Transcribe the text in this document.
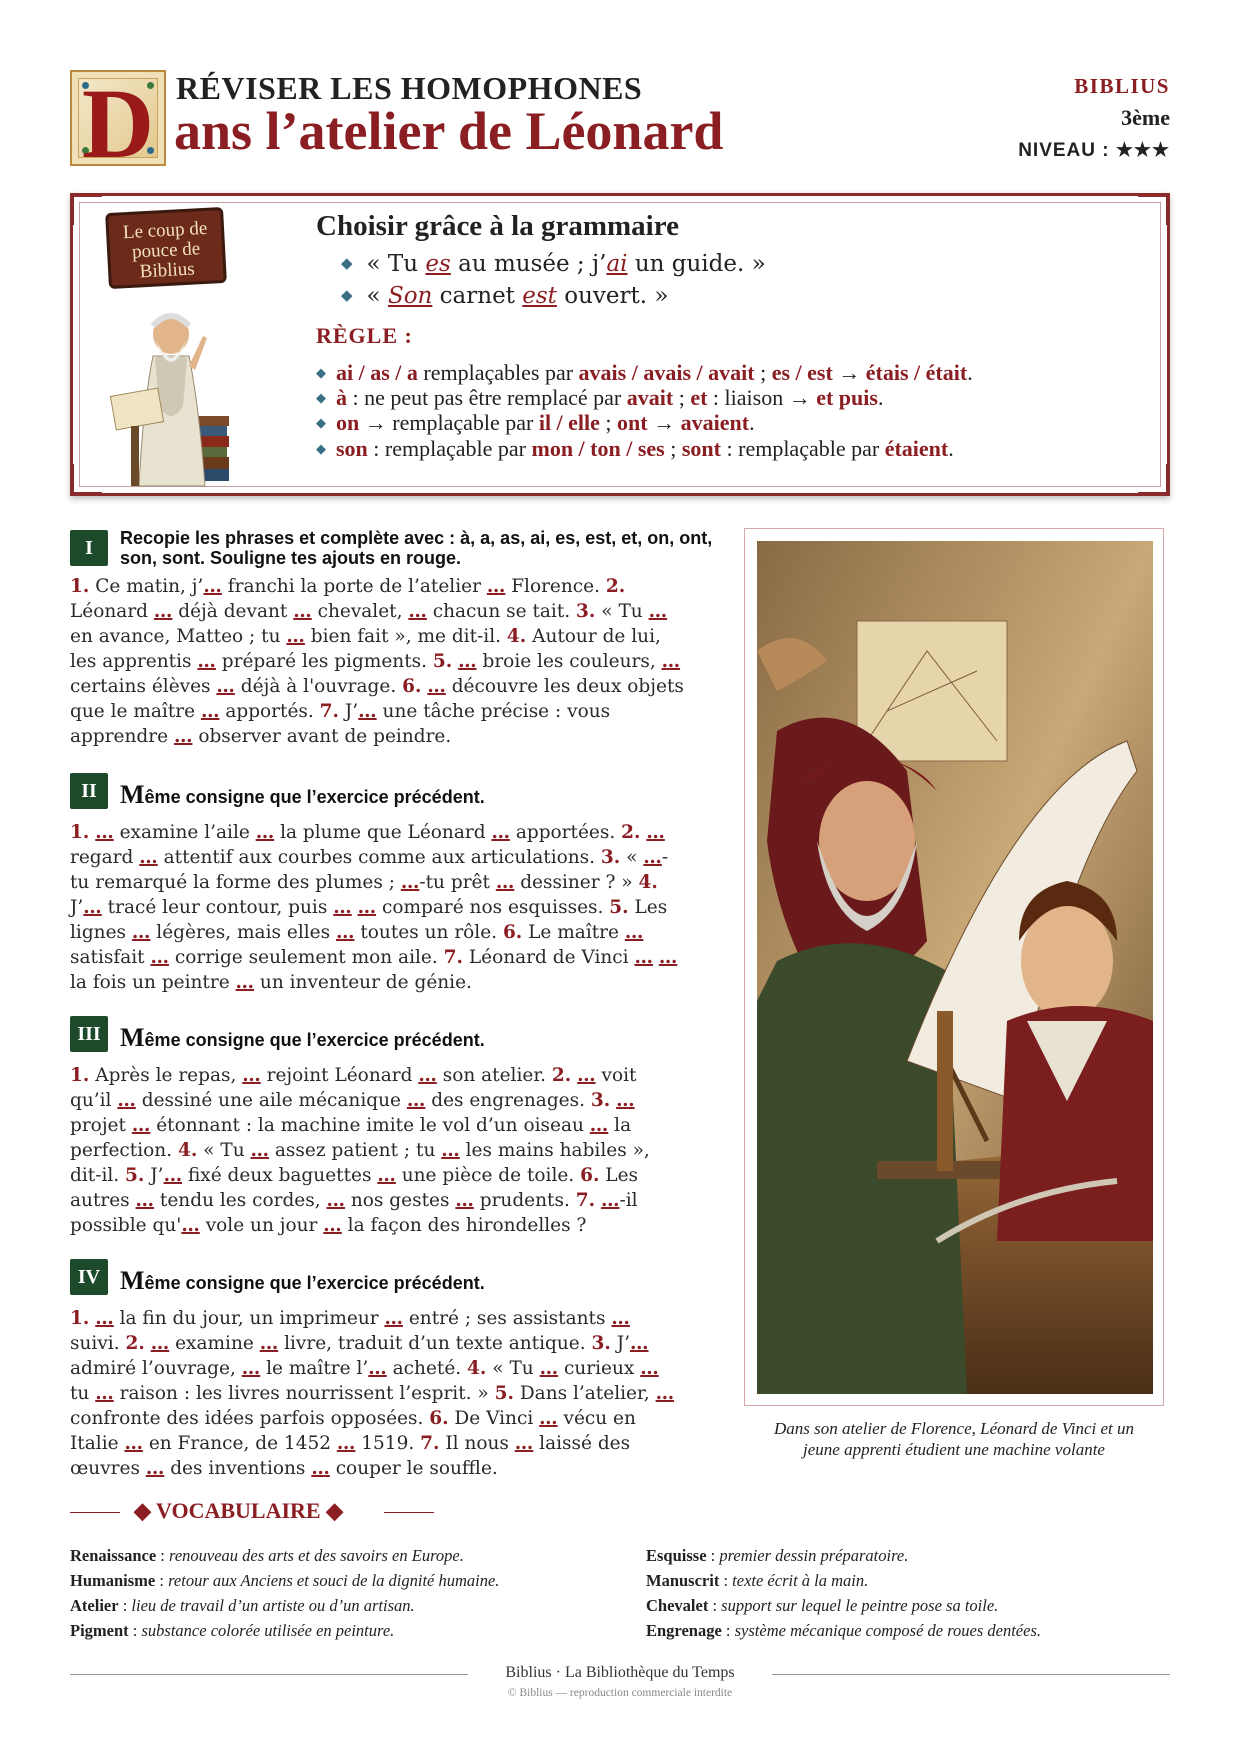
D RÉVISER LES HOMOPHONES
ans l’atelier de Léonard
BIBLIUS
3ème
NIVEAU : ★★★
Le coup de
pouce de
Biblius
Choisir grâce à la grammaire
◆ « Tu es au musée ; j’ai un guide. »
◆ « Son carnet est ouvert. »
RÈGLE :
◆ ai / as / a remplaçables par avais / avais / avait ; es / est → étais / était.
◆ à : ne peut pas être remplacé par avait ; et : liaison → et puis.
◆ on → remplaçable par il / elle ; ont → avaient.
◆ son : remplaçable par mon / ton / ses ; sont : remplaçable par étaient.
I	Recopie les phrases et complète avec : à, a, as, ai, es, est, et, on, ont, son, sont. Souligne tes ajouts en rouge.
1. Ce matin, j’… franchi la porte de l’atelier … Florence. 2.
Léonard … déjà devant … chevalet, … chacun se tait. 3. « Tu …
en avance, Matteo ; tu … bien fait », me dit-il. 4. Autour de lui,
les apprentis … préparé les pigments. 5. … broie les couleurs, …
certains élèves … déjà à l'ouvrage. 6. … découvre les deux objets
que le maître … apportés. 7. J’… une tâche précise : vous
apprendre … observer avant de peindre.
II Même consigne que l’exercice précédent.
1. … examine l’aile … la plume que Léonard … apportées. 2. …
regard … attentif aux courbes comme aux articulations. 3. « …-
tu remarqué la forme des plumes ; …-tu prêt … dessiner ? » 4.
J’… tracé leur contour, puis … … comparé nos esquisses. 5. Les
lignes … légères, mais elles … toutes un rôle. 6. Le maître …
satisfait … corrige seulement mon aile. 7. Léonard de Vinci … …
la fois un peintre … un inventeur de génie.
III Même consigne que l’exercice précédent.
1. Après le repas, … rejoint Léonard … son atelier. 2. … voit
qu’il … dessiné une aile mécanique … des engrenages. 3. …
projet … étonnant : la machine imite le vol d’un oiseau … la
perfection. 4. « Tu … assez patient ; tu … les mains habiles »,
dit-il. 5. J’… fixé deux baguettes … une pièce de toile. 6. Les
autres … tendu les cordes, … nos gestes … prudents. 7. …-il
possible qu'… vole un jour … la façon des hirondelles ?
IV Même consigne que l’exercice précédent.
1. … la fin du jour, un imprimeur … entré ; ses assistants …
suivi. 2. … examine … livre, traduit d’un texte antique. 3. J’…
admiré l’ouvrage, … le maître l’… acheté. 4. « Tu … curieux …
tu … raison : les livres nourrissent l’esprit. » 5. Dans l’atelier, …
confronte des idées parfois opposées. 6. De Vinci … vécu en
Italie … en France, de 1452 … 1519. 7. Il nous … laissé des
œuvres … des inventions … couper le souffle.
Dans son atelier de Florence, Léonard de Vinci et un
jeune apprenti étudient une machine volante
◆ VOCABULAIRE ◆
Renaissance : renouveau des arts et des savoirs en Europe.
Humanisme : retour aux Anciens et souci de la dignité humaine.
Atelier : lieu de travail d’un artiste ou d’un artisan.
Pigment : substance colorée utilisée en peinture.
Esquisse : premier dessin préparatoire.
Manuscrit : texte écrit à la main.
Chevalet : support sur lequel le peintre pose sa toile.
Engrenage : système mécanique composé de roues dentées.
Biblius · La Bibliothèque du Temps
© Biblius — reproduction commerciale interdite
